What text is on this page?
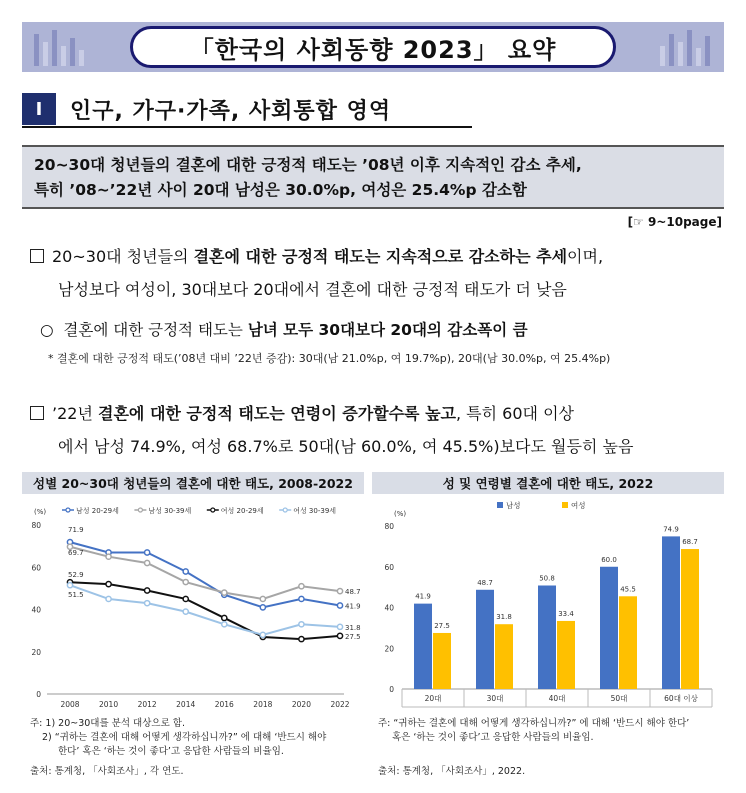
「한국의 사회동향 2023」 요약
Ⅰ	인구, 가구·가족, 사회통합 영역
20~30대 청년들의 결혼에 대한 긍정적 태도는 ’08년 이후 지속적인 감소 추세,
특히 ’08~’22년 사이 20대 남성은 30.0%p, 여성은 25.4%p 감소함
[☞ 9~10page]
20~30대 청년들의 결혼에 대한 긍정적 태도는 지속적으로 감소하는 추세이며,
남성보다 여성이, 30대보다 20대에서 결혼에 대한 긍정적 태도가 더 낮음
○ 결혼에 대한 긍정적 태도는 남녀 모두 30대보다 20대의 감소폭이 큼
* 결혼에 대한 긍정적 태도(’08년 대비 ’22년 증감): 30대(남 21.0%p, 여 19.7%p), 20대(남 30.0%p, 여 25.4%p)
’22년 결혼에 대한 긍정적 태도는 연령이 증가할수록 높고, 특히 60대 이상
에서 남성 74.9%, 여성 68.7%로 50대(남 60.0%, 여 45.5%)보다도 월등히 높음
성별 20~30대 청년들의 결혼에 대한 태도, 2008-2022	성 및 연령별 결혼에 대한 태도, 2022
(%)
0
20
40
60
80
2008	2010	2012	2014	2016	2018	2020	2022
남성 20-29세	남성 30-39세	여성 20-29세	여성 30-39세
71.9
41.9
69.7
48.7
52.9
27.5
51.5
31.8
(%)
0
20
40
60
80
남성	여성
41.9
27.5
20대
48.7
31.8
30대
50.8
33.4
40대
60.0
45.5
50대
74.9
68.7
60대 이상
주: 1) 20~30대를 분석 대상으로 함.
2) “귀하는 결혼에 대해 어떻게 생각하십니까?” 에 대해 ‘반드시 해야
한다’ 혹은 ‘하는 것이 좋다’고 응답한 사람들의 비율임.
출처: 통계청, 「사회조사」, 각 연도.
주: “귀하는 결혼에 대해 어떻게 생각하십니까?” 에 대해 ‘반드시 해야 한다’
혹은 ‘하는 것이 좋다’고 응답한 사람들의 비율임.
출처: 통계청, 「사회조사」, 2022.
